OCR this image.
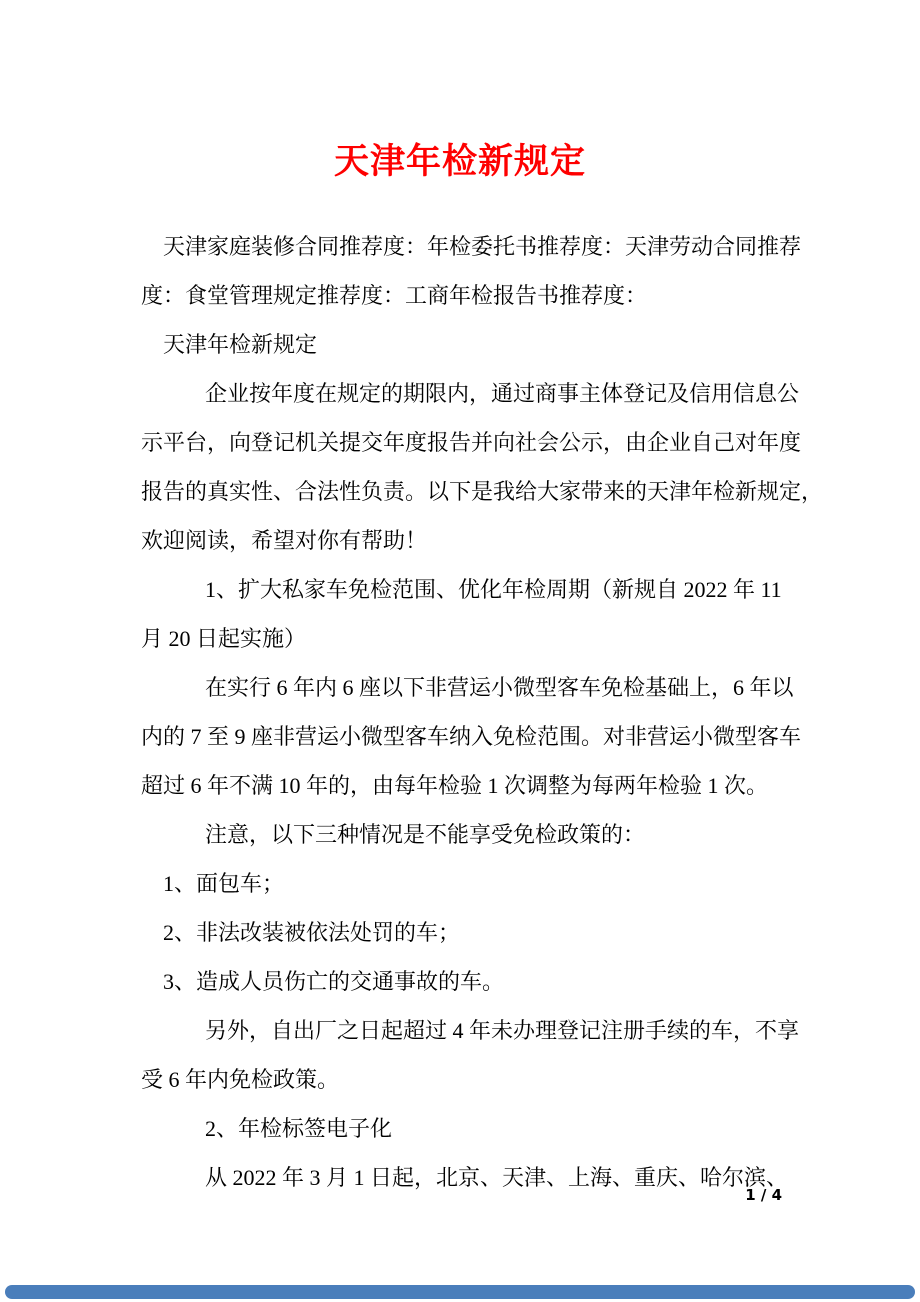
天津年检新规定
天津家庭装修合同推荐度：年检委托书推荐度：天津劳动合同推荐
度：食堂管理规定推荐度：工商年检报告书推荐度：
天津年检新规定
企业按年度在规定的期限内，通过商事主体登记及信用信息公
示平台，向登记机关提交年度报告并向社会公示，由企业自己对年度
报告的真实性、合法性负责。以下是我给大家带来的天津年检新规定，
欢迎阅读，希望对你有帮助！
1、扩大私家车免检范围、优化年检周期（新规自 2022 年 11
月 20 日起实施）
在实行 6 年内 6 座以下非营运小微型客车免检基础上，6 年以
内的 7 至 9 座非营运小微型客车纳入免检范围。对非营运小微型客车
超过 6 年不满 10 年的，由每年检验 1 次调整为每两年检验 1 次。
注意，以下三种情况是不能享受免检政策的：
1、面包车；
2、非法改装被依法处罚的车；
3、造成人员伤亡的交通事故的车。
另外，自出厂之日起超过 4 年未办理登记注册手续的车，不享
受 6 年内免检政策。
2、年检标签电子化
从 2022 年 3 月 1 日起，北京、天津、上海、重庆、哈尔滨、
1 / 4
